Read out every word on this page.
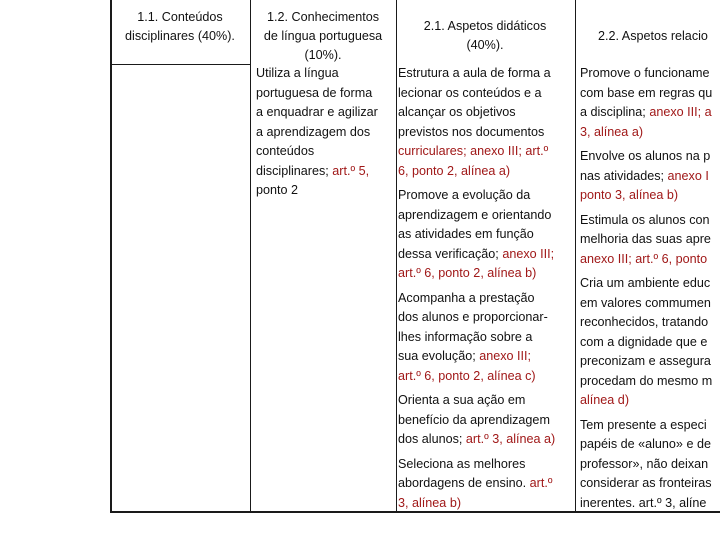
1.1. Conteúdos
disciplinares (40%).
1.2. Conhecimentos
de língua portuguesa
(10%).
2.1. Aspetos didáticos
(40%).
2.2. Aspetos relacio
Utiliza a língua
portuguesa de forma
a enquadrar e agilizar
a aprendizagem dos
conteúdos
disciplinares; art.º 5,
ponto 2
Estrutura a aula de forma a
lecionar os conteúdos e a
alcançar os objetivos
previstos nos documentos
curriculares; anexo III; art.º
6, ponto 2, alínea a)
Promove a evolução da
aprendizagem e orientando
as atividades em função
dessa verificação; anexo III;
art.º 6, ponto 2, alínea b)
Acompanha a prestação
dos alunos e proporcionar-
lhes informação sobre a
sua evolução; anexo III;
art.º 6, ponto 2, alínea c)
Orienta a sua ação em
benefício da aprendizagem
dos alunos; art.º 3, alínea a)
Seleciona as melhores
abordagens de ensino. art.º
3, alínea b)
Promove o funcioname
com base em regras qu
a disciplina; anexo III; a
3, alínea a)
Envolve os alunos na p
nas atividades; anexo I
ponto 3, alínea b)
Estimula os alunos con
melhoria das suas apre
anexo III; art.º 6, ponto
Cria um ambiente educ
em valores commumen
reconhecidos, tratando
com a dignidade que e
preconizam e assegura
procedam do mesmo m
alínea d)
Tem presente a especi
papéis de «aluno» e de
professor», não deixan
considerar as fronteiras
inerentes. art.º 3, alíne
